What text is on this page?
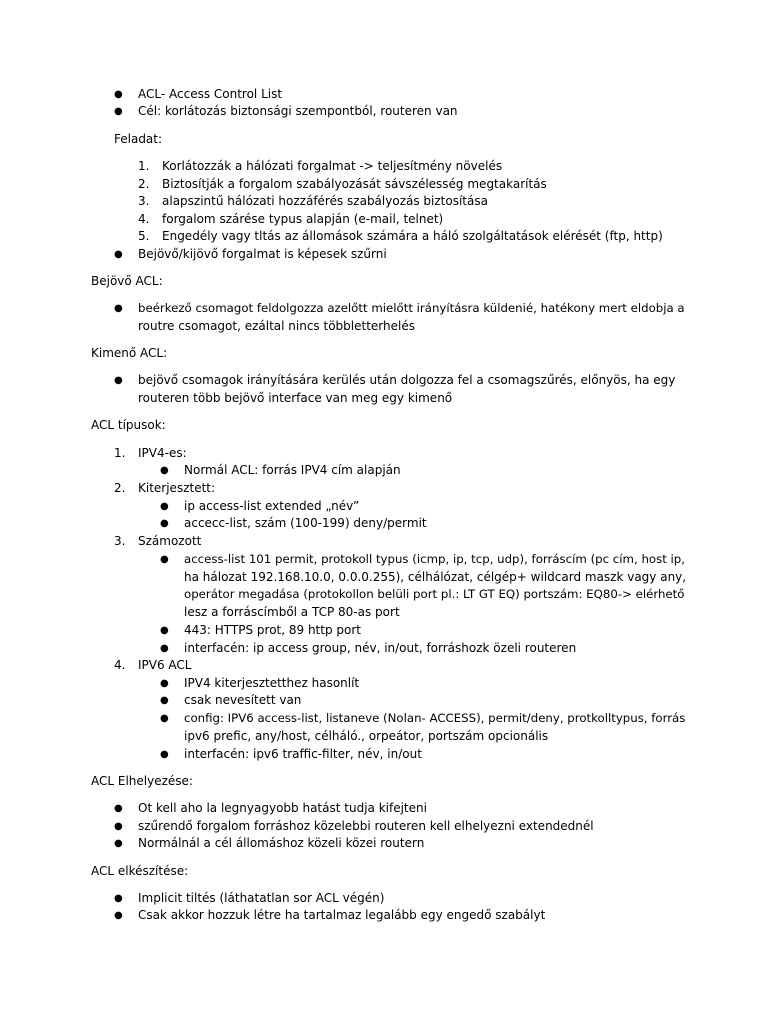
● ACL- Access Control List
● Cél: korlátozás biztonsági szempontból, routeren van
Feladat:
1. Korlátozzák a hálózati forgalmat -> teljesítmény növelés
2. Biztosítják a forgalom szabályozását sávszélesség megtakarítás
3. alapszintű hálózati hozzáférés szabályozás biztosítása
4. forgalom szárése typus alapján (e-mail, telnet)
5. Engedély vagy tltás az állomások számára a háló szolgáltatások elérését (ftp, http)
● Bejövő/kijövő forgalmat is képesek szűrni
Bejövő ACL:
● beérkező csomagot feldolgozza azelőtt mielőtt irányításra küldenié, hatékony mert eldobja a
routre csomagot, ezáltal nincs többletterhelés
Kimenő ACL:
● bejövő csomagok irányítására kerülés után dolgozza fel a csomagszűrés, előnyös, ha egy
routeren több bejövő interface van meg egy kimenő
ACL típusok:
1. IPV4-es:
● Normál ACL: forrás IPV4 cím alapján
2. Kiterjesztett:
● ip access-list extended „név”
● accecc-list, szám (100-199) deny/permit
3. Számozott
● access-list 101 permit, protokoll typus (icmp, ip, tcp, udp), forráscím (pc cím, host ip,
ha hálozat 192.168.10.0, 0.0.0.255), célhálózat, célgép+ wildcard maszk vagy any,
operátor megadása (protokollon belüli port pl.: LT GT EQ) portszám: EQ80-> elérhető
lesz a forráscímből a TCP 80-as port
● 443: HTTPS prot, 89 http port
● interfacén: ip access group, név, in/out, forráshozk özeli routeren
4. IPV6 ACL
● IPV4 kiterjesztetthez hasonlít
● csak nevesített van
● config: IPV6 access-list, listaneve (Nolan- ACCESS), permit/deny, protkolltypus, forrás
ipv6 prefic, any/host, célháló., orpeátor, portszám opcionális
● interfacén: ipv6 traffic-filter, név, in/out
ACL Elhelyezése:
● Ot kell aho la legnyagyobb hatást tudja kifejteni
● szűrendő forgalom forráshoz közelebbi routeren kell elhelyezni extendednél
● Normálnál a cél állomáshoz közeli közei routern
ACL elkészítése:
● Implicit tiltés (láthatatlan sor ACL végén)
● Csak akkor hozzuk létre ha tartalmaz legalább egy engedő szabályt
